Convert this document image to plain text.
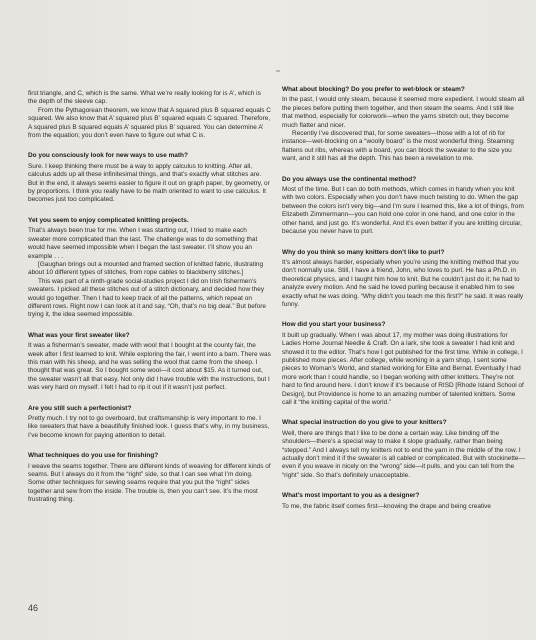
first triangle, and C, which is the same. What we’re really looking for is A’, which is the depth of the sleeve cap.
From the Pythagorean theorem, we know that A squared plus B squared equals C squared. We also know that A’ squared plus B’ squared equals C squared. Therefore, A squared plus B squared equals A’ squared plus B’ squared. You can determine A’ from the equation; you don’t even have to figure out what C is.
Do you consciously look for new ways to use math?
Sure. I keep thinking there must be a way to apply calculus to knitting. After all, calculus adds up all these infinitesimal things, and that’s exactly what stitches are. But in the end, it always seems easier to figure it out on graph paper, by geometry, or by proportions. I think you really have to be math oriented to want to use calculus. It becomes just too complicated.
Yet you seem to enjoy complicated knitting projects.
That’s always been true for me. When I was starting out, I tried to make each sweater more complicated than the last. The challenge was to do something that would have seemed impossible when I began the last sweater. I’ll show you an example . . .
[Gaughan brings out a mounted and framed section of knitted fabric, illustrating about 10 different types of stitches, from rope cables to blackberry stitches.]
This was part of a ninth-grade social-studies project I did on Irish fishermen’s sweaters. I picked all these stitches out of a stitch dictionary, and decided how they would go together. Then I had to keep track of all the patterns, which repeat on different rows. Right now I can look at it and say, “Oh, that’s no big deal.” But before trying it, the idea seemed impossible.
What was your first sweater like?
It was a fisherman’s sweater, made with wool that I bought at the county fair, the week after I first learned to knit. While exploring the fair, I went into a barn. There was this man with his sheep, and he was selling the wool that came from the sheep. I thought that was great. So I bought some wool—it cost about $15. As it turned out, the sweater wasn’t all that easy. Not only did I have trouble with the instructions, but I was very hard on myself. I felt I had to rip it out if it wasn’t just perfect.
Are you still such a perfectionist?
Pretty much. I try not to go overboard, but craftsmanship is very important to me. I like sweaters that have a beautifully finished look. I guess that’s why, in my business, I’ve become known for paying attention to detail.
What techniques do you use for finishing?
I weave the seams together. There are different kinds of weaving for different kinds of seams. But I always do it from the “right” side, so that I can see what I’m doing. Some other techniques for sewing seams require that you put the “right” sides together and sew from the inside. The trouble is, then you can’t see. It’s the most frustrating thing.
What about blocking? Do you prefer to wet-block or steam?
In the past, I would only steam, because it seemed more expedient. I would steam all the pieces before putting them together, and then steam the seams. And I still like that method, especially for colorwork—when the yarns stretch out, they become much flatter and nicer.
Recently I’ve discovered that, for some sweaters—those with a lot of rib for instance—wet-blocking on a “woolly board” is the most wonderful thing. Steaming flattens out ribs, whereas with a board, you can block the sweater to the size you want, and it still has all the depth. This has been a revelation to me.
Do you always use the continental method?
Most of the time. But I can do both methods, which comes in handy when you knit with two colors. Especially when you don’t have much twisting to do. When the gap between the colors isn’t very big—and I’m sure I learned this, like a lot of things, from Elizabeth Zimmermann—you can hold one color in one hand, and one color in the other hand, and just go. It’s wonderful. And it’s even better if you are knitting circular, because you never have to purl.
Why do you think so many knitters don’t like to purl?
It’s almost always harder, especially when you’re using the knitting method that you don’t normally use. Still, I have a friend, John, who loves to purl. He has a Ph.D. in theoretical physics, and I taught him how to knit. But he couldn’t just do it; he had to analyze every motion. And he said he loved purling because it enabled him to see exactly what he was doing. “Why didn’t you teach me this first?” he said. It was really funny.
How did you start your business?
It built up gradually. When I was about 17, my mother was doing illustrations for Ladies Home Journal Needle & Craft. On a lark, she took a sweater I had knit and showed it to the editor. That’s how I got published for the first time. While in college, I published more pieces. After college, while working in a yarn shop, I sent some pieces to Woman’s World, and started working for Elite and Bernat. Eventually I had more work than I could handle, so I began working with other knitters. They’re not hard to find around here. I don’t know if it’s because of RISD [Rhode Island School of Design], but Providence is home to an amazing number of talented knitters. Some call it “the knitting capital of the world.”
What special instruction do you give to your knitters?
Well, there are things that I like to be done a certain way. Like binding off the shoulders—there’s a special way to make it slope gradually, rather than being “stepped.” And I always tell my knitters not to end the yarn in the middle of the row. I actually don’t mind it if the sweater is all cabled or complicated. But with stockinette—even if you weave in nicely on the “wrong” side—it pulls, and you can tell from the “right” side. So that’s definitely unacceptable.
What’s most important to you as a designer?
To me, the fabric itself comes first—knowing the drape and being creative
46
